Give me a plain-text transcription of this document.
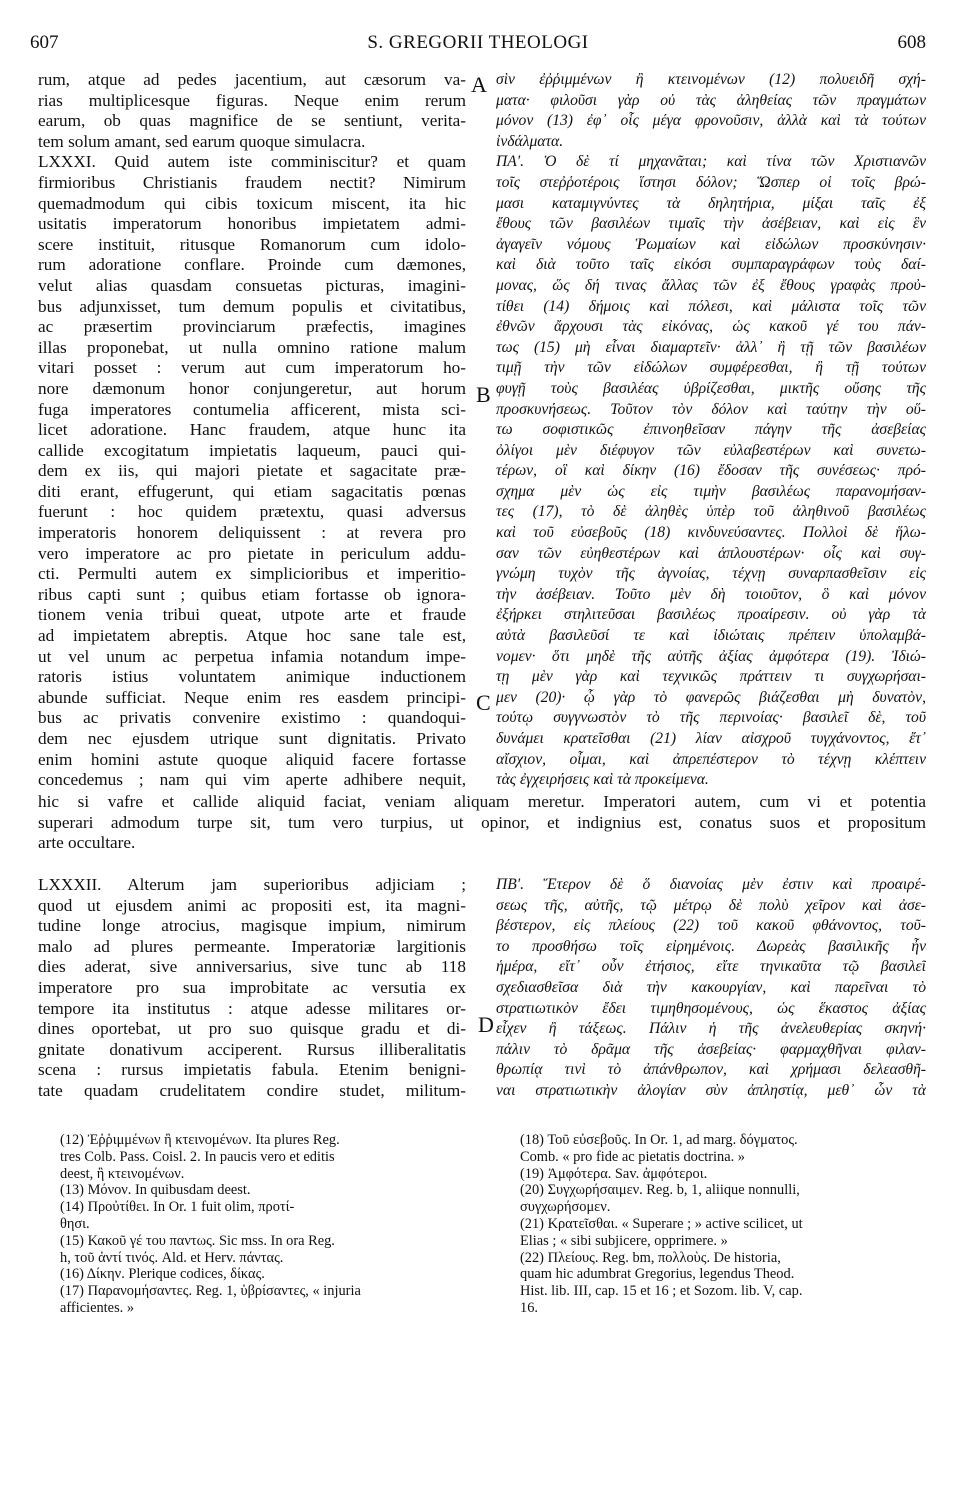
607	S. GREGORII THEOLOGI	608
rum, atque ad pedes jacentium, aut cæsorum va-
rias multiplicesque figuras. Neque enim rerum
earum, ob quas magnifice de se sentiunt, verita-
tem solum amant, sed earum quoque simulacra.
LXXXI. Quid autem iste comminiscitur? et quam
firmioribus Christianis fraudem nectit? Nimirum
quemadmodum qui cibis toxicum miscent, ita hic
usitatis imperatorum honoribus impietatem admi-
scere instituit, ritusque Romanorum cum idolo-
rum adoratione conflare. Proinde cum dæmones,
velut alias quasdam consuetas picturas, imagini-
bus adjunxisset, tum demum populis et civitatibus,
ac præsertim provinciarum præfectis, imagines
illas proponebat, ut nulla omnino ratione malum
vitari posset : verum aut cum imperatorum ho-
nore dæmonum honor conjungeretur, aut horum
fuga imperatores contumelia afficerent, mista sci-
licet adoratione. Hanc fraudem, atque hunc ita
callide excogitatum impietatis laqueum, pauci qui-
dem ex iis, qui majori pietate et sagacitate præ-
diti erant, effugerunt, qui etiam sagacitatis pœnas
fuerunt : hoc quidem prætextu, quasi adversus
imperatoris honorem deliquissent : at revera pro
vero imperatore ac pro pietate in periculum addu-
cti. Permulti autem ex simplicioribus et imperitio-
ribus capti sunt ; quibus etiam fortasse ob ignora-
tionem venia tribui queat, utpote arte et fraude
ad impietatem abreptis. Atque hoc sane tale est,
ut vel unum ac perpetua infamia notandum impe-
ratoris istius voluntatem animique inductionem
abunde sufficiat. Neque enim res easdem principi-
bus ac privatis convenire existimo : quandoqui-
dem nec ejusdem utrique sunt dignitatis. Privato
enim homini astute quoque aliquid facere fortasse
concedemus ; nam qui vim aperte adhibere nequit,
σὶν ἐῤῥιμμένων ἢ κτεινομένων (12) πολυειδῆ σχή-
ματα· φιλοῦσι γὰρ οὐ τὰς ἀληθείας τῶν πραγμάτων
μόνον (13) ἐφ᾽ οἷς μέγα φρονοῦσιν, ἀλλὰ καὶ τὰ τούτων
ἰνδάλματα.
ΠΑ'. Ὁ δὲ τί μηχανᾶται; καὶ τίνα τῶν Χριστιανῶν
τοῖς στεῤῥοτέροις ἵστησι δόλον; Ὥσπερ οἱ τοῖς βρώ-
μασι καταμιγνύντες τὰ δηλητήρια, μίξαι ταῖς ἐξ
ἔθους τῶν βασιλέων τιμαῖς τὴν ἀσέβειαν, καὶ εἰς ἓν
ἀγαγεῖν νόμους Ῥωμαίων καὶ εἰδώλων προσκύνησιν·
καὶ διὰ τοῦτο ταῖς εἰκόσι συμπαραγράφων τοὺς δαί-
μονας, ὥς δή τινας ἄλλας τῶν ἐξ ἔθους γραφὰς προὐ-
τίθει (14) δήμοις καὶ πόλεσι, καὶ μάλιστα τοῖς τῶν
ἐθνῶν ἄρχουσι τὰς εἰκόνας, ὡς κακοῦ γέ του πάν-
τως (15) μὴ εἶναι διαμαρτεῖν· ἀλλ᾽ ἢ τῇ τῶν βασιλέων
τιμῇ τὴν τῶν εἰδώλων συμφέρεσθαι, ἢ τῇ τούτων
φυγῇ τοὺς βασιλέας ὑβρίζεσθαι, μικτῆς οὔσης τῆς
προσκυνήσεως. Τοῦτον τὸν δόλον καὶ ταύτην τὴν οὕ-
τω σοφιστικῶς ἐπινοηθεῖσαν πάγην τῆς ἀσεβείας
ὀλίγοι μὲν διέφυγον τῶν εὐλαβεστέρων καὶ συνετω-
τέρων, οἳ καὶ δίκην (16) ἔδοσαν τῆς συνέσεως· πρό-
σχημα μὲν ὡς εἰς τιμὴν βασιλέως παρανομήσαν-
τες (17), τὸ δὲ ἀληθὲς ὑπὲρ τοῦ ἀληθινοῦ βασιλέως
καὶ τοῦ εὐσεβοῦς (18) κινδυνεύσαντες. Πολλοὶ δὲ ἥλω-
σαν τῶν εὐηθεστέρων καὶ ἁπλουστέρων· οἷς καὶ συγ-
γνώμη τυχὸν τῆς ἀγνοίας, τέχνῃ συναρπασθεῖσιν εἰς
τὴν ἀσέβειαν. Τοῦτο μὲν δὴ τοιοῦτον, ὃ καὶ μόνον
ἐξήρκει στηλιτεῦσαι βασιλέως προαίρεσιν. οὐ γὰρ τὰ
αὐτὰ βασιλεῦσί τε καὶ ἰδιώταις πρέπειν ὑπολαμβά-
νομεν· ὅτι μηδὲ τῆς αὐτῆς ἀξίας ἀμφότερα (19). Ἰδιώ-
τῃ μὲν γὰρ καὶ τεχνικῶς πράττειν τι συγχωρήσαι-
μεν (20)· ᾧ γὰρ τὸ φανερῶς βιάζεσθαι μὴ δυνατὸν,
τούτῳ συγγνωστὸν τὸ τῆς περινοίας· βασιλεῖ δὲ, τοῦ
δυνάμει κρατεῖσθαι (21) λίαν αἰσχροῦ τυγχάνοντος, ἔτ᾽
αἴσχιον, οἶμαι, καὶ ἀπρεπέστερον τὸ τέχνῃ κλέπτειν
τὰς ἐγχειρήσεις καὶ τὰ προκείμενα.
A
B
C
D
hic si vafre et callide aliquid faciat, veniam aliquam meretur. Imperatori autem, cum vi et potentia
superari admodum turpe sit, tum vero turpius, ut opinor, et indignius est, conatus suos et propositum
arte occultare.
LXXXII. Alterum jam superioribus adjiciam ;
quod ut ejusdem animi ac propositi est, ita magni-
tudine longe atrocius, magisque impium, nimirum
malo ad plures permeante. Imperatoriæ largitionis
dies aderat, sive anniversarius, sive tunc ab 118
imperatore pro sua improbitate ac versutia ex
tempore ita institutus : atque adesse militares or-
dines oportebat, ut pro suo quisque gradu et di-
gnitate donativum acciperent. Rursus illiberalitatis
scena : rursus impietatis fabula. Etenim benigni-
tate quadam crudelitatem condire studet, militum-
ΠΒ'. Ἕτερον δὲ ὅ διανοίας μὲν ἐστιν καὶ προαιρέ-
σεως τῆς, αὐτῆς, τῷ μέτρῳ δὲ πολὺ χεῖρον καὶ ἀσε-
βέστερον, εἰς πλείους (22) τοῦ κακοῦ φθάνοντος, τοῦ-
το προσθήσω τοῖς εἰρημένοις. Δωρεὰς βασιλικῆς ἦν
ἡμέρα, εἴτ᾽ οὖν ἐτήσιος, εἴτε τηνικαῦτα τῷ βασιλεῖ
σχεδιασθεῖσα διὰ τὴν κακουργίαν, καὶ παρεῖναι τὸ
στρατιωτικὸν ἔδει τιμηθησομένους, ὡς ἕκαστος ἀξίας
εἶχεν ἢ τάξεως. Πάλιν ἡ τῆς ἀνελευθερίας σκηνή·
πάλιν τὸ δρᾶμα τῆς ἀσεβείας· φαρμαχθῆναι φιλαν-
θρωπίᾳ τινὶ τὸ ἀπάνθρωπον, καὶ χρήμασι δελεασθῆ-
ναι στρατιωτικὴν ἀλογίαν σὺν ἀπληστίᾳ, μεθ᾽ ὧν τὰ
(12) Ἐῤῥιμμένων ἢ κτεινομένων. Ita plures Reg.
tres Colb. Pass. Coisl. 2. In paucis vero et editis
deest, ἢ κτεινομένων.
(13) Μόνον. In quibusdam deest.
(14) Προὐτίθει. In Or. 1 fuit olim, προτί-
θησι.
(15) Κακοῦ γέ του παντως. Sic mss. In ora Reg.
h, τοῦ ἀντί τινός. Ald. et Herv. πάντας.
(16) Δίκην. Plerique codices, δίκας.
(17) Παρανομήσαντες. Reg. 1, ὑβρίσαντες, « injuria
afficientes. »
(18) Τοῦ εὐσεβοῦς. In Or. 1, ad marg. δόγματος.
Comb. « pro fide ac pietatis doctrina. »
(19) Ἀμφότερα. Sav. ἀμφότεροι.
(20) Συγχωρήσαιμεν. Reg. b, 1, aliique nonnulli,
συγχωρήσομεν.
(21) Κρατεῖσθαι. « Superare ; » active scilicet, ut
Elias ; « sibi subjicere, opprimere. »
(22) Πλείους. Reg. bm, πολλοὺς. De historia,
quam hic adumbrat Gregorius, legendus Theod.
Hist. lib. III, cap. 15 et 16 ; et Sozom. lib. V, cap.
16.
